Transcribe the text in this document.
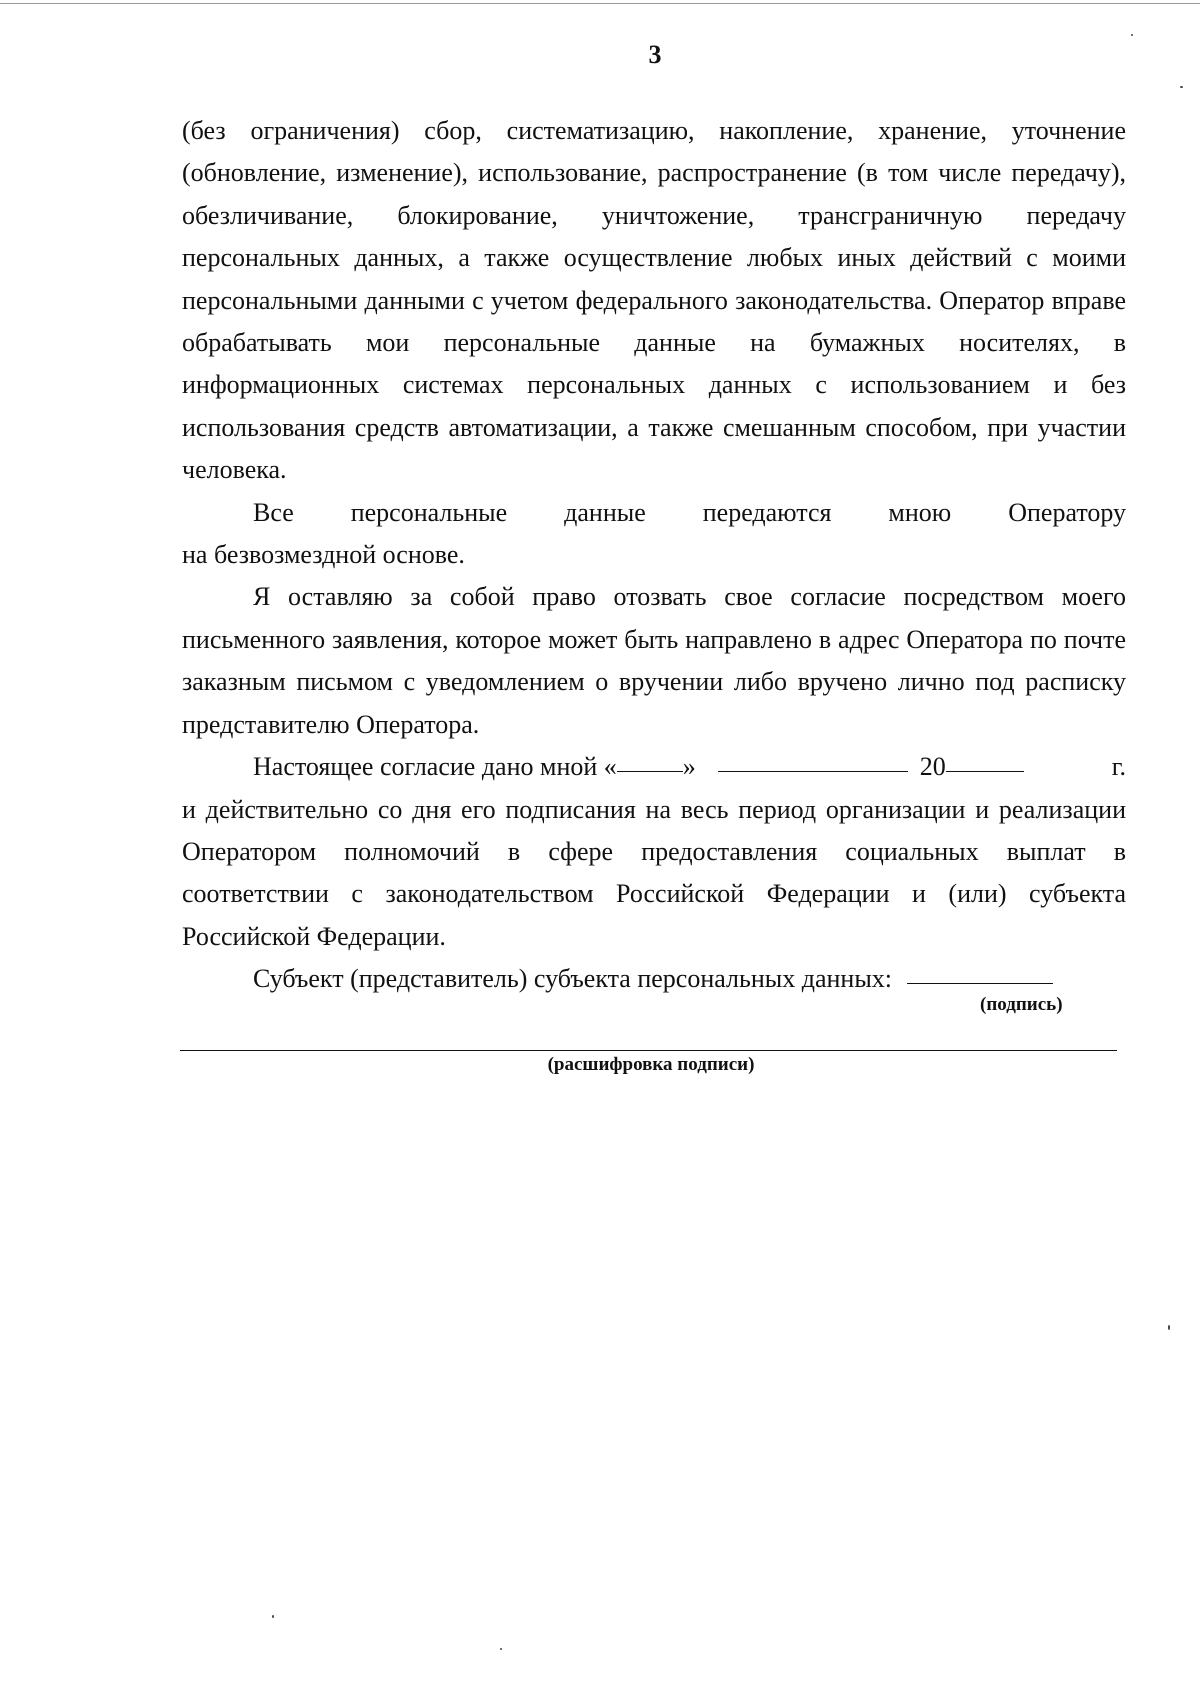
3

(без ограничения) сбор, систематизацию, накопление, хранение, уточнение (обновление, изменение), использование, распространение (в том числе передачу), обезличивание, блокирование, уничтожение, трансграничную передачу персональных данных, а также осуществление любых иных действий с моими персональными данными с учетом федерального законодательства. Оператор вправе обрабатывать мои персональные данные на бумажных носителях, в информационных системах персональных данных с использованием и без использования средств автоматизации, а также смешанным способом, при участии человека.

Все персональные данные передаются мною Оператору

на безвозмездной основе.

Я оставляю за собой право отозвать свое согласие посредством моего письменного заявления, которое может быть направлено в адрес Оператора по почте заказным письмом с уведомлением о вручении либо вручено лично под расписку представителю Оператора.

Настоящее согласие дано мной «	»	20	г.

и действительно со дня его подписания на весь период организации и реализации Оператором полномочий в сфере предоставления социальных выплат в соответствии с законодательством Российской Федерации и (или) субъекта Российской Федерации.

Субъект (представитель) субъекта персональных данных:
(подпись)
(расшифровка подписи)
